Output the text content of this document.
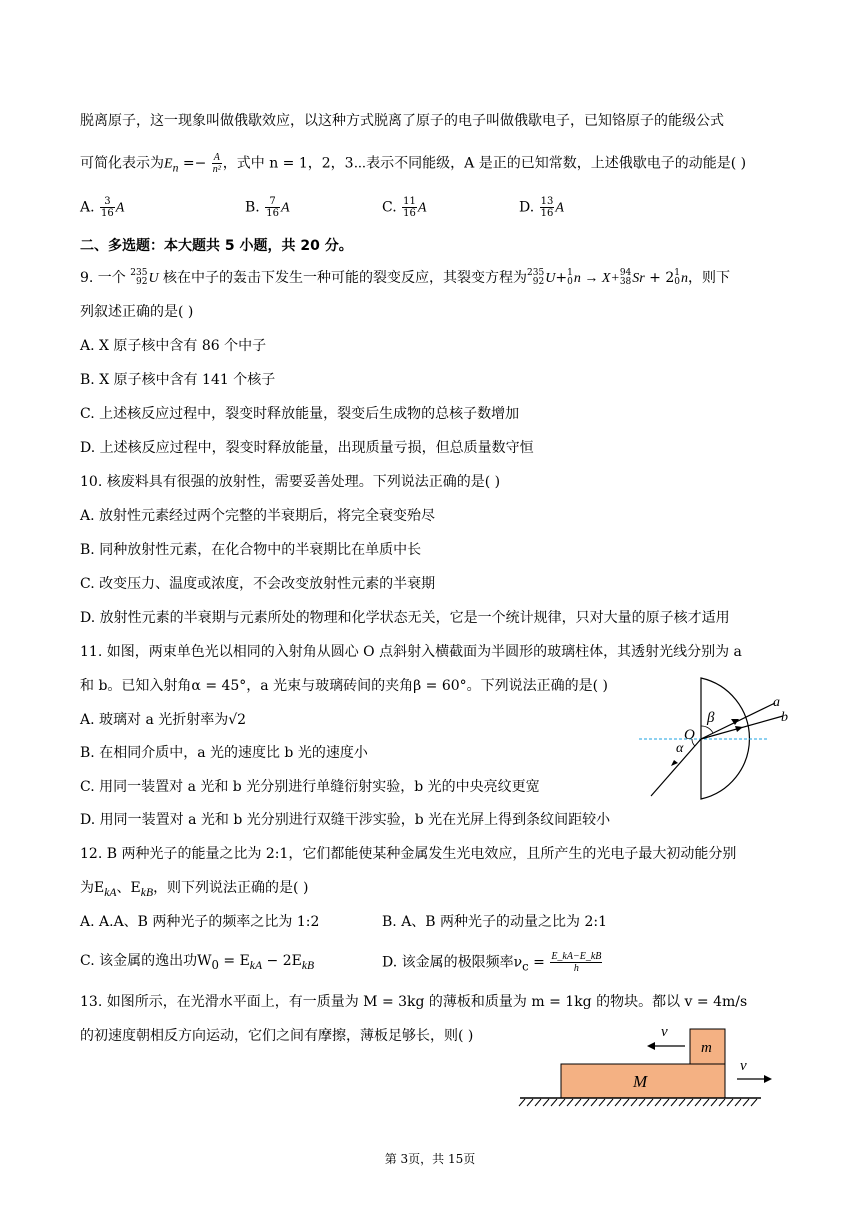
脱离原子，这一现象叫做俄歇效应，以这种方式脱离了原子的电子叫做俄歇电子，已知铬原子的能级公式
可简化表示为$E_n =- \frac{A}{\text{n²}}$ ，式中 n = 1，2，3⋯表示不同能级，A 是正的已知常数，上述俄歇电子的动能是( )
A. $\frac{3}{16}$ A	B. $\frac{7}{16}$ A	C. $\frac{11}{16}$ A	D. $\frac{13}{16}$ A
二、多选题：本大题共 5 小题，共 20 分。
9. 一个 235
92 U 核在中子的轰击下发生一种可能的裂变反应，其裂变方程为 235
92 U+ 1
0 n → X+ 94
38 Sr + 2 1
0 n，则下
列叙述正确的是( )
A. X 原子核中含有 86 个中子
B. X 原子核中含有 141 个核子
C. 上述核反应过程中，裂变时释放能量，裂变后生成物的总核子数增加
D. 上述核反应过程中，裂变时释放能量，出现质量亏损，但总质量数守恒
10. 核废料具有很强的放射性，需要妥善处理。下列说法正确的是( )
A. 放射性元素经过两个完整的半衰期后，将完全衰变殆尽
B. 同种放射性元素，在化合物中的半衰期比在单质中长
C. 改变压力、温度或浓度，不会改变放射性元素的半衰期
D. 放射性元素的半衰期与元素所处的物理和化学状态无关，它是一个统计规律，只对大量的原子核才适用
11. 如图，两束单色光以相同的入射角从圆心 O 点斜射入横截面为半圆形的玻璃柱体，其透射光线分别为 a
和 b。已知入射角α = 45°，a 光束与玻璃砖间的夹角β = 60°。下列说法正确的是( )
A. 玻璃对 a 光折射率为√2
B. 在相同介质中，a 光的速度比 b 光的速度小
C. 用同一装置对 a 光和 b 光分别进行单缝衍射实验，b 光的中央亮纹更宽
D. 用同一装置对 a 光和 b 光分别进行双缝干涉实验，b 光在光屏上得到条纹间距较小
β
O
α
a
b
12. B 两种光子的能量之比为 2:1，它们都能使某种金属发生光电效应，且所产生的光电子最大初动能分别
为$E_{kA}$、$E_{kB}$，则下列说法正确的是( )
A. A.A、B 两种光子的频率之比为 1:2	B. A、B 两种光子的动量之比为 2:1
C. 该金属的逸出功$W_0 = E_{kA} - 2E_{kB}$	D. 该金属的极限频率$\nu_c = \frac{E\_kA-E\_kB}{h}$
13. 如图所示，在光滑水平面上，有一质量为 M = 3kg 的薄板和质量为 m = 1kg 的物块。都以 v = 4m/s
的初速度朝相反方向运动，它们之间有摩擦，薄板足够长，则( )
M
m
v
v
第 3页，共 15页
